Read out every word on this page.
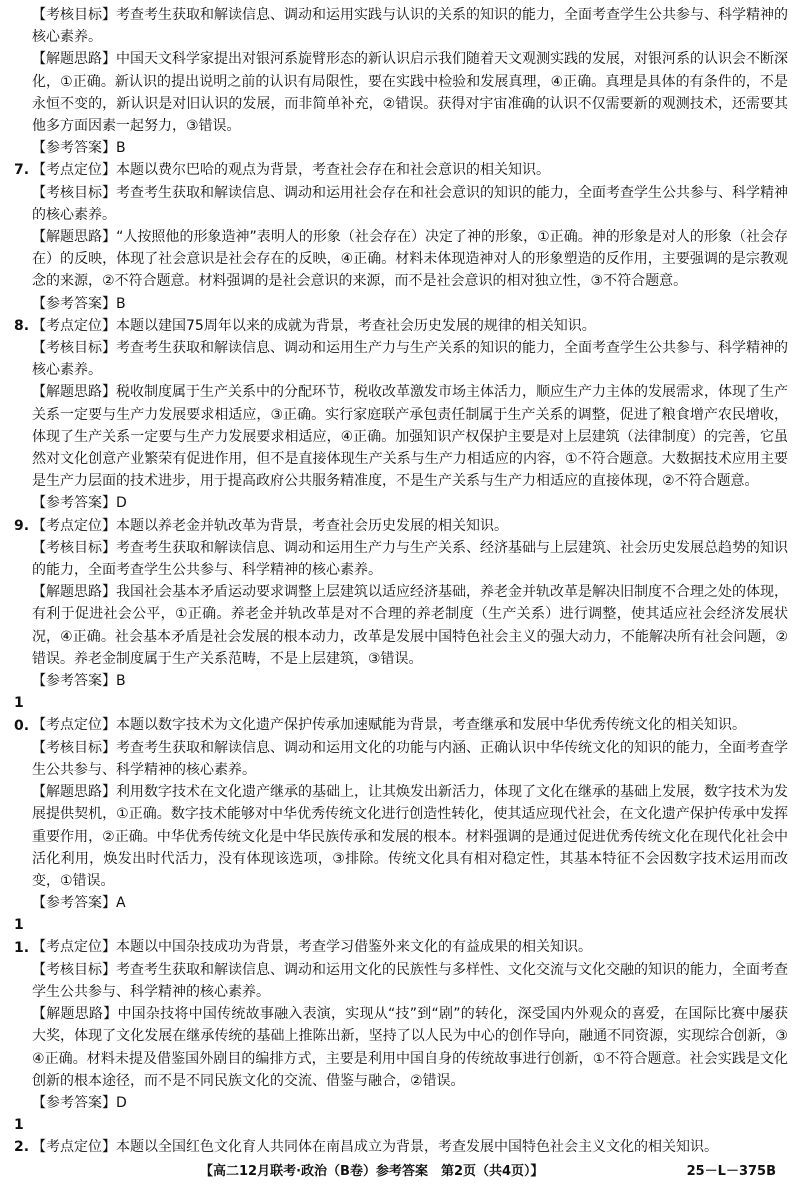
【考核目标】考查考生获取和解读信息、调动和运用实践与认识的关系的知识的能力，全面考查学生公共参与、科学精神的核心素养。

【解题思路】中国天文科学家提出对银河系旋臂形态的新认识启示我们随着天文观测实践的发展，对银河系的认识会不断深化，①正确。新认识的提出说明之前的认识有局限性，要在实践中检验和发展真理，④正确。真理是具体的有条件的，不是永恒不变的，新认识是对旧认识的发展，而非简单补充，②错误。获得对宇宙准确的认识不仅需要新的观测技术，还需要其他多方面因素一起努力，③错误。

【参考答案】B

7. 【考点定位】本题以费尔巴哈的观点为背景，考查社会存在和社会意识的相关知识。

【考核目标】考查考生获取和解读信息、调动和运用社会存在和社会意识的知识的能力，全面考查学生公共参与、科学精神的核心素养。

【解题思路】“人按照他的形象造神”表明人的形象（社会存在）决定了神的形象，①正确。神的形象是对人的形象（社会存在）的反映，体现了社会意识是社会存在的反映，④正确。材料未体现造神对人的形象塑造的反作用，主要强调的是宗教观念的来源，②不符合题意。材料强调的是社会意识的来源，而不是社会意识的相对独立性，③不符合题意。

【参考答案】B

8. 【考点定位】本题以建国75周年以来的成就为背景，考查社会历史发展的规律的相关知识。

【考核目标】考查考生获取和解读信息、调动和运用生产力与生产关系的知识的能力，全面考查学生公共参与、科学精神的核心素养。

【解题思路】税收制度属于生产关系中的分配环节，税收改革激发市场主体活力，顺应生产力主体的发展需求，体现了生产关系一定要与生产力发展要求相适应，③正确。实行家庭联产承包责任制属于生产关系的调整，促进了粮食增产农民增收，体现了生产关系一定要与生产力发展要求相适应，④正确。加强知识产权保护主要是对上层建筑（法律制度）的完善，它虽然对文化创意产业繁荣有促进作用，但不是直接体现生产关系与生产力相适应的内容，①不符合题意。大数据技术应用主要是生产力层面的技术进步，用于提高政府公共服务精准度，不是生产关系与生产力相适应的直接体现，②不符合题意。

【参考答案】D

9. 【考点定位】本题以养老金并轨改革为背景，考查社会历史发展的相关知识。

【考核目标】考查考生获取和解读信息、调动和运用生产力与生产关系、经济基础与上层建筑、社会历史发展总趋势的知识的能力，全面考查学生公共参与、科学精神的核心素养。

【解题思路】我国社会基本矛盾运动要求调整上层建筑以适应经济基础，养老金并轨改革是解决旧制度不合理之处的体现，有利于促进社会公平，①正确。养老金并轨改革是对不合理的养老制度（生产关系）进行调整，使其适应社会经济发展状况，④正确。社会基本矛盾是社会发展的根本动力，改革是发展中国特色社会主义的强大动力，不能解决所有社会问题，②错误。养老金制度属于生产关系范畴，不是上层建筑，③错误。

【参考答案】B

10. 【考点定位】本题以数字技术为文化遗产保护传承加速赋能为背景，考查继承和发展中华优秀传统文化的相关知识。

【考核目标】考查考生获取和解读信息、调动和运用文化的功能与内涵、正确认识中华传统文化的知识的能力，全面考查学生公共参与、科学精神的核心素养。

【解题思路】利用数字技术在文化遗产继承的基础上，让其焕发出新活力，体现了文化在继承的基础上发展，数字技术为发展提供契机，①正确。数字技术能够对中华优秀传统文化进行创造性转化，使其适应现代社会，在文化遗产保护传承中发挥重要作用，②正确。中华优秀传统文化是中华民族传承和发展的根本。材料强调的是通过促进优秀传统文化在现代化社会中活化利用，焕发出时代活力，没有体现该选项，③排除。传统文化具有相对稳定性，其基本特征不会因数字技术运用而改变，①错误。

【参考答案】A

11. 【考点定位】本题以中国杂技成功为背景，考查学习借鉴外来文化的有益成果的相关知识。

【考核目标】考查考生获取和解读信息、调动和运用文化的民族性与多样性、文化交流与文化交融的知识的能力，全面考查学生公共参与、科学精神的核心素养。

【解题思路】中国杂技将中国传统故事融入表演，实现从“技”到“剧”的转化，深受国内外观众的喜爱，在国际比赛中屡获大奖，体现了文化发展在继承传统的基础上推陈出新，坚持了以人民为中心的创作导向，融通不同资源，实现综合创新，③④正确。材料未提及借鉴国外剧目的编排方式，主要是利用中国自身的传统故事进行创新，①不符合题意。社会实践是文化创新的根本途径，而不是不同民族文化的交流、借鉴与融合，②错误。

【参考答案】D

12. 【考点定位】本题以全国红色文化育人共同体在南昌成立为背景，考查发展中国特色社会主义文化的相关知识。

【高二12月联考·政治（B卷）参考答案　第2页（共4页）】	25－L－375B
